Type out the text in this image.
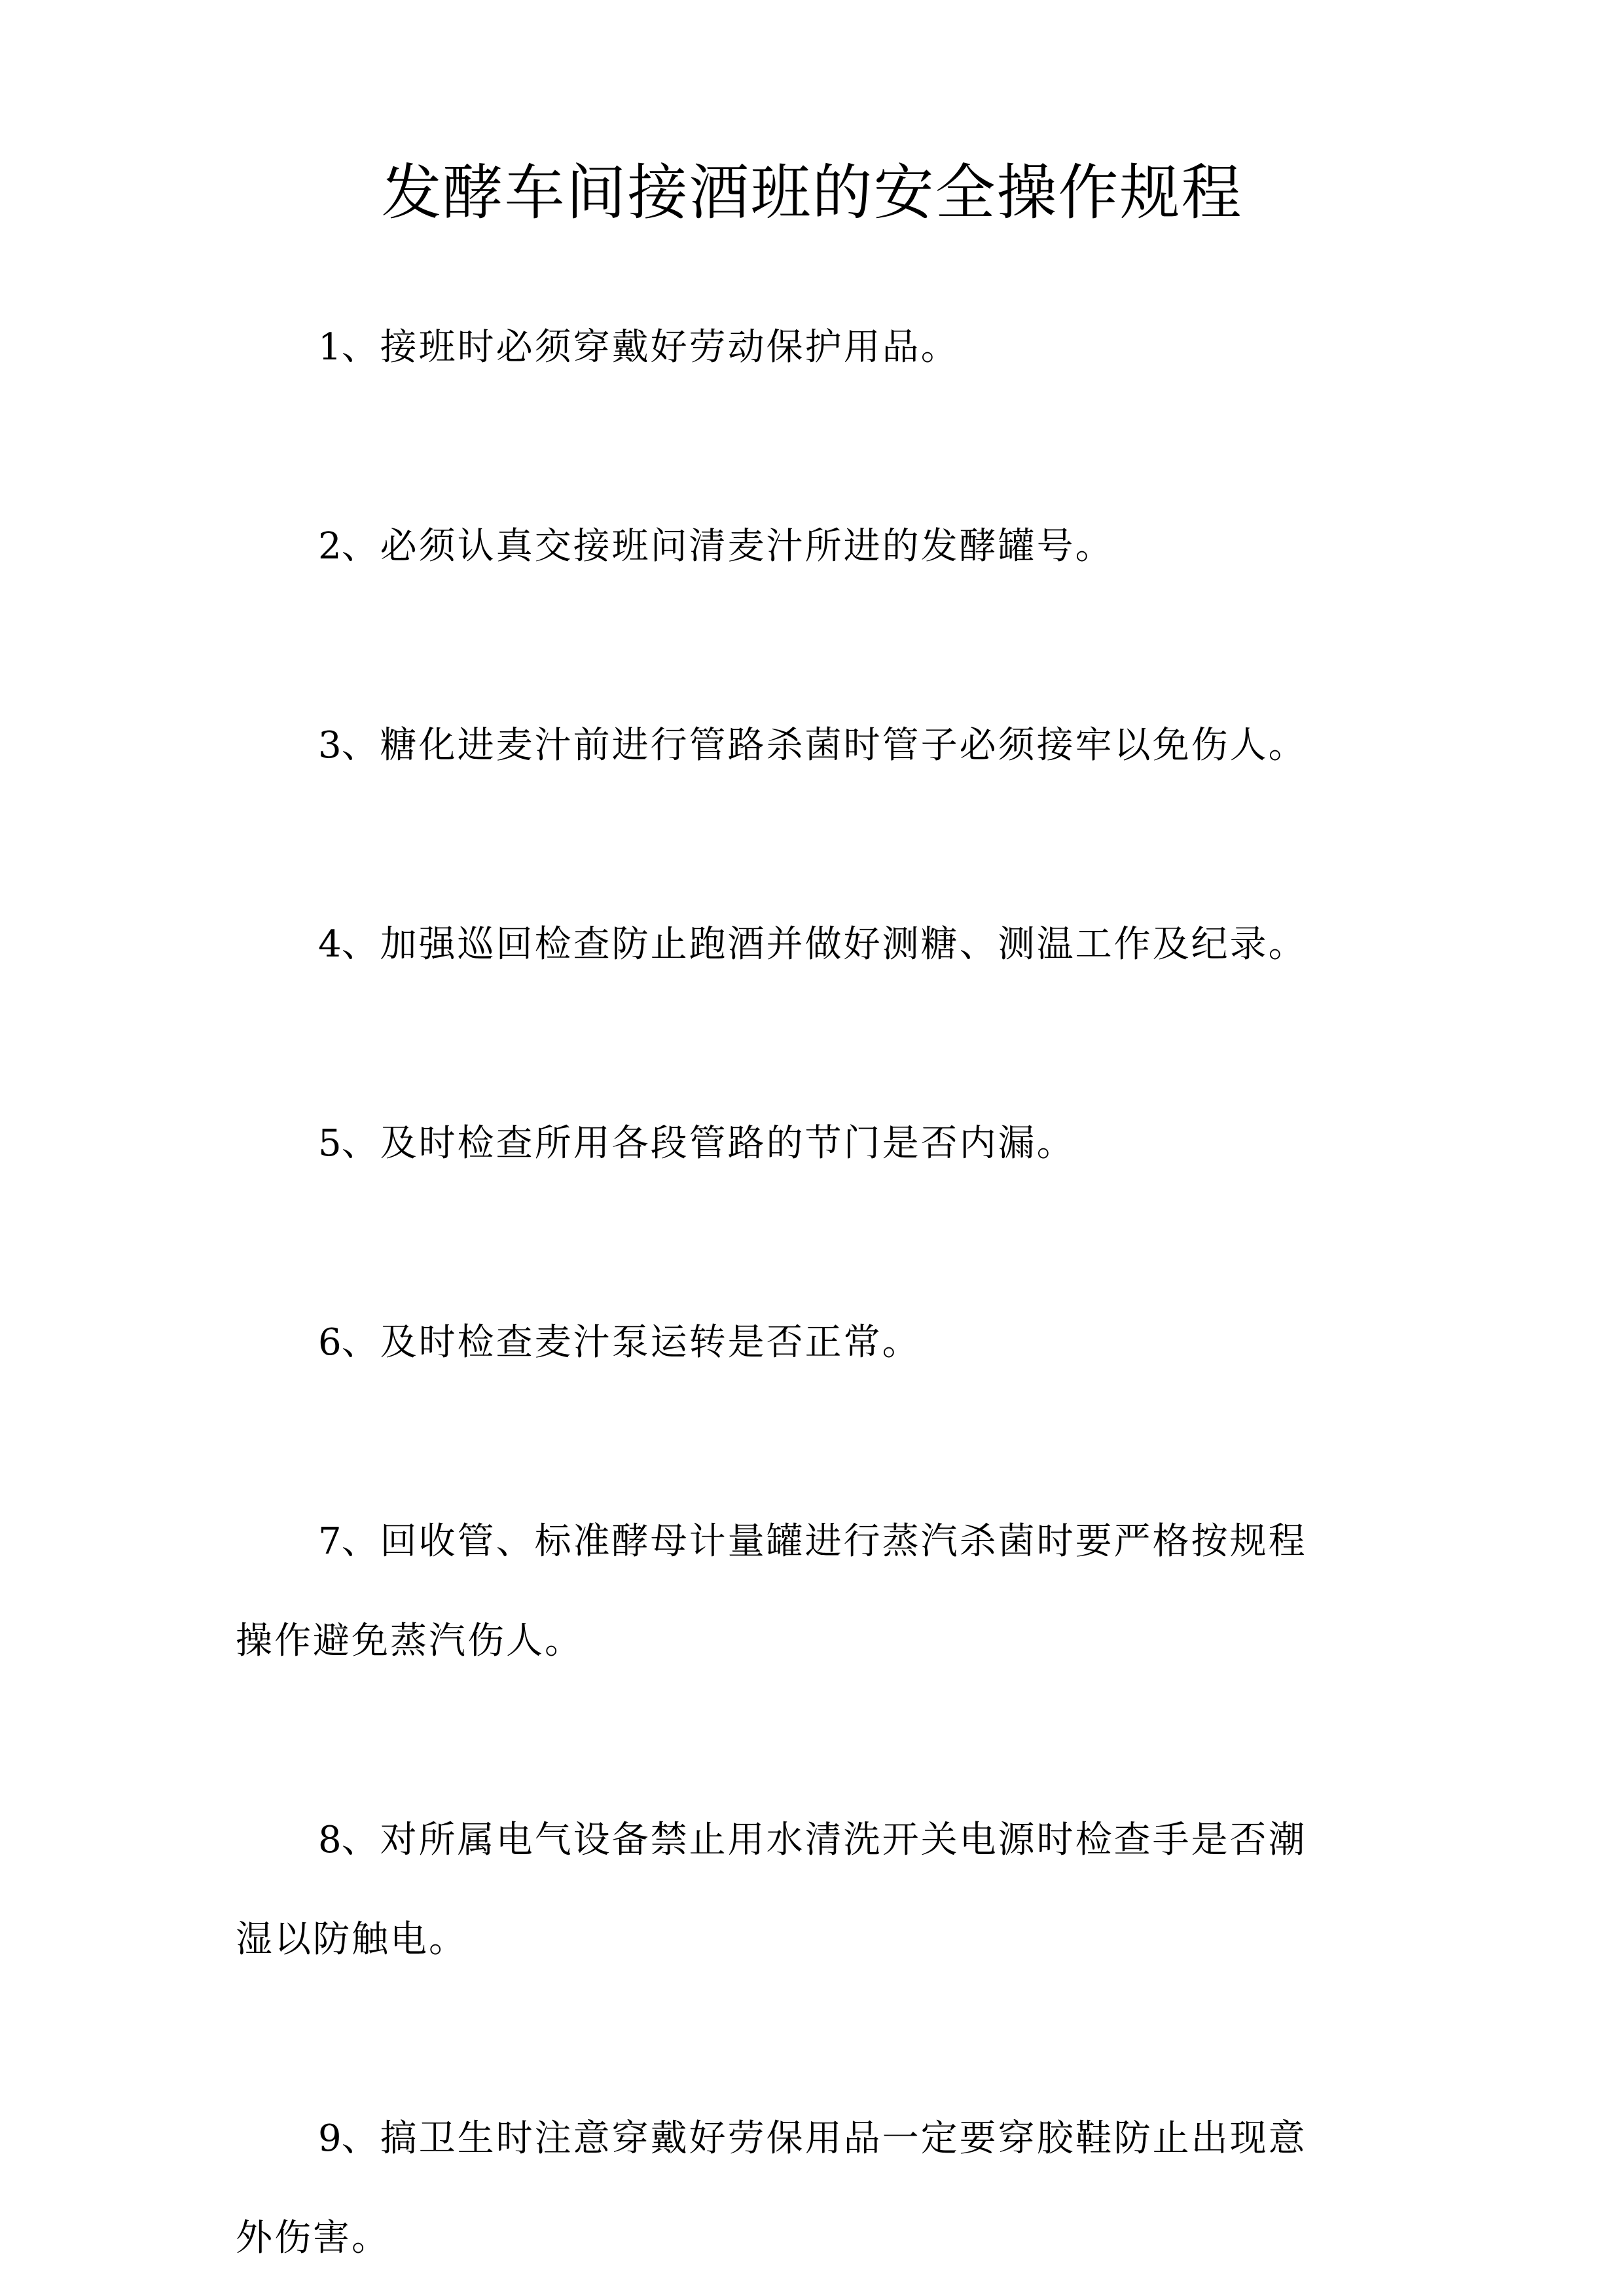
发酵车间接酒班的安全操作规程
1、接班时必须穿戴好劳动保护用品。
2、必须认真交接班问清麦汁所进的发酵罐号。
3、糖化进麦汁前进行管路杀菌时管子必须接牢以免伤人。
4、加强巡回检查防止跑酒并做好测糖、测温工作及纪录。
5、及时检查所用各段管路的节门是否内漏。
6、及时检查麦汁泵运转是否正常。
7、回收管、标准酵母计量罐进行蒸汽杀菌时要严格按规程操作避免蒸汽伤人。
8、对所属电气设备禁止用水清洗开关电源时检查手是否潮湿以防触电。
9、搞卫生时注意穿戴好劳保用品一定要穿胶鞋防止出现意外伤害。
